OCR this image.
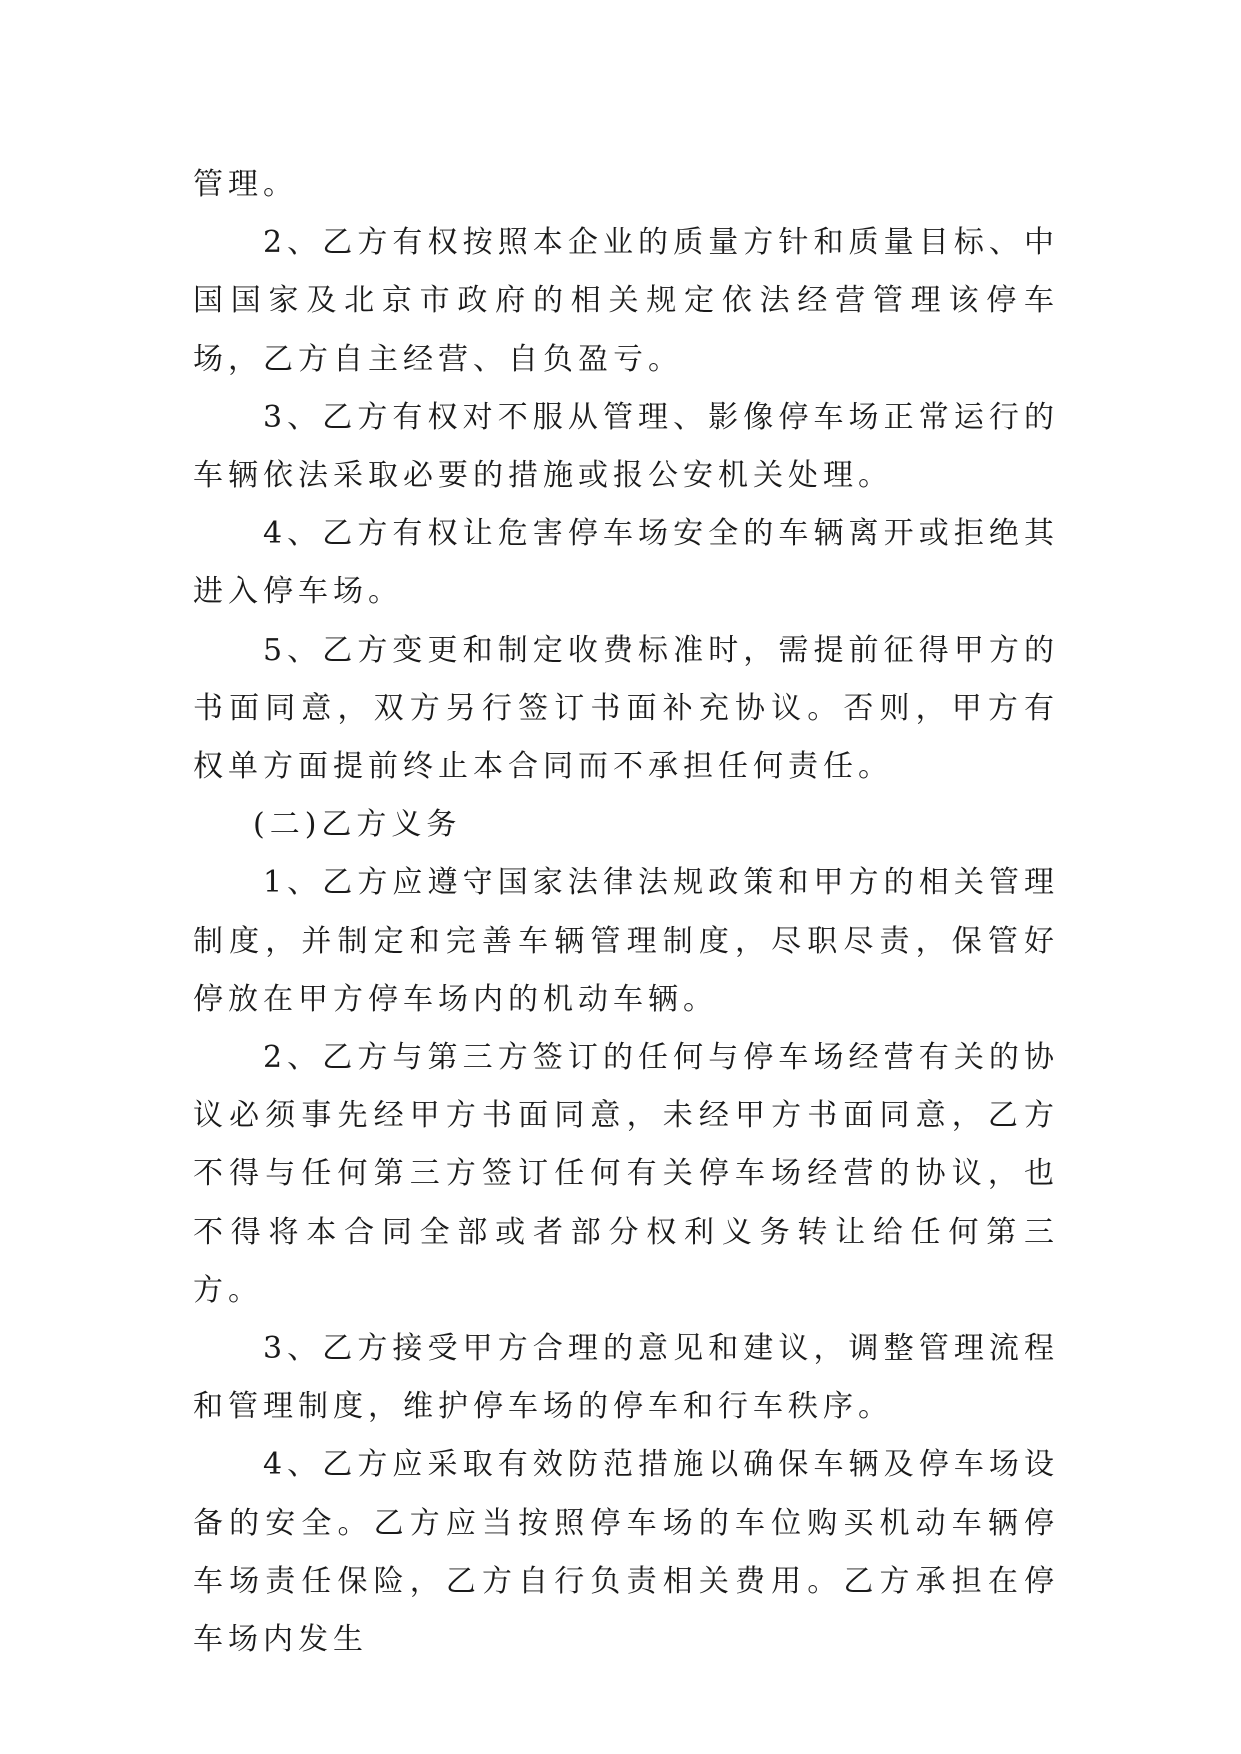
管理。

2、乙方有权按照本企业的质量方针和质量目标、中国国家及北京市政府的相关规定依法经营管理该停车场，乙方自主经营、自负盈亏。

3、乙方有权对不服从管理、影像停车场正常运行的车辆依法采取必要的措施或报公安机关处理。

4、乙方有权让危害停车场安全的车辆离开或拒绝其进入停车场。

5、乙方变更和制定收费标准时，需提前征得甲方的书面同意，双方另行签订书面补充协议。否则，甲方有权单方面提前终止本合同而不承担任何责任。

(二)乙方义务

1、乙方应遵守国家法律法规政策和甲方的相关管理制度，并制定和完善车辆管理制度，尽职尽责，保管好停放在甲方停车场内的机动车辆。

2、乙方与第三方签订的任何与停车场经营有关的协议必须事先经甲方书面同意，未经甲方书面同意，乙方不得与任何第三方签订任何有关停车场经营的协议，也不得将本合同全部或者部分权利义务转让给任何第三方。

3、乙方接受甲方合理的意见和建议，调整管理流程和管理制度，维护停车场的停车和行车秩序。

4、乙方应采取有效防范措施以确保车辆及停车场设备的安全。乙方应当按照停车场的车位购买机动车辆停车场责任保险，乙方自行负责相关费用。乙方承担在停车场内发生
